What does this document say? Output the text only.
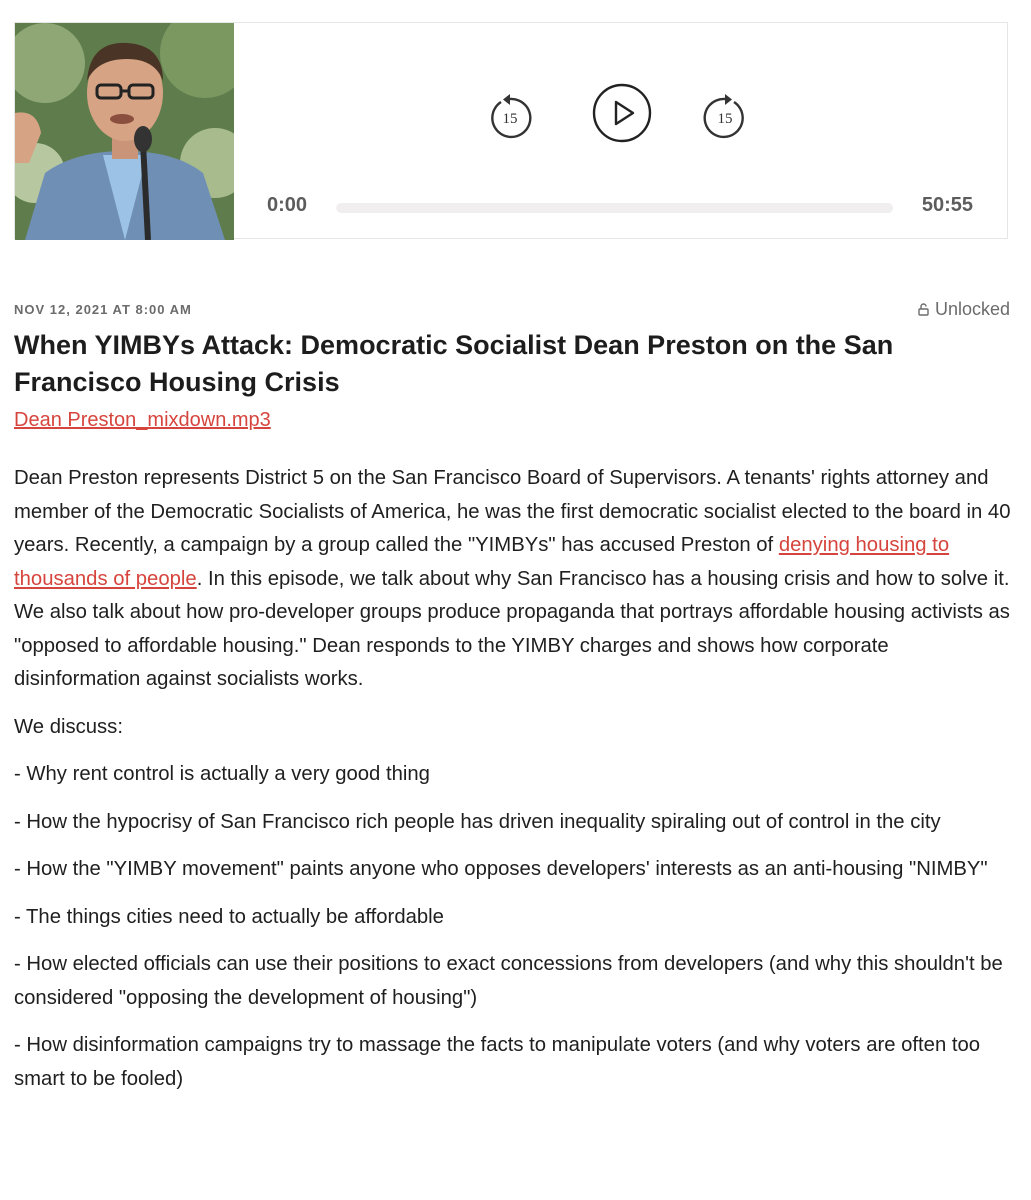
15	15
0:00	50:55
NOV 12, 2021 AT 8:00 AM	Unlocked
When YIMBYs Attack: Democratic Socialist Dean Preston on the San Francisco Housing Crisis
Dean Preston_mixdown.mp3

Dean Preston represents District 5 on the San Francisco Board of Supervisors. A tenants' rights attorney and member of the Democratic Socialists of America, he was the first democratic socialist elected to the board in 40 years. Recently, a campaign by a group called the "YIMBYs" has accused Preston of denying housing to thousands of people. In this episode, we talk about why San Francisco has a housing crisis and how to solve it. We also talk about how pro-developer groups produce propaganda that portrays affordable housing activists as "opposed to affordable housing." Dean responds to the YIMBY charges and shows how corporate disinformation against socialists works.

We discuss:

- Why rent control is actually a very good thing

- How the hypocrisy of San Francisco rich people has driven inequality spiraling out of control in the city

- How the "YIMBY movement" paints anyone who opposes developers' interests as an anti-housing "NIMBY"

- The things cities need to actually be affordable

- How elected officials can use their positions to exact concessions from developers (and why this shouldn't be considered "opposing the development of housing")

- How disinformation campaigns try to massage the facts to manipulate voters (and why voters are often too smart to be fooled)
